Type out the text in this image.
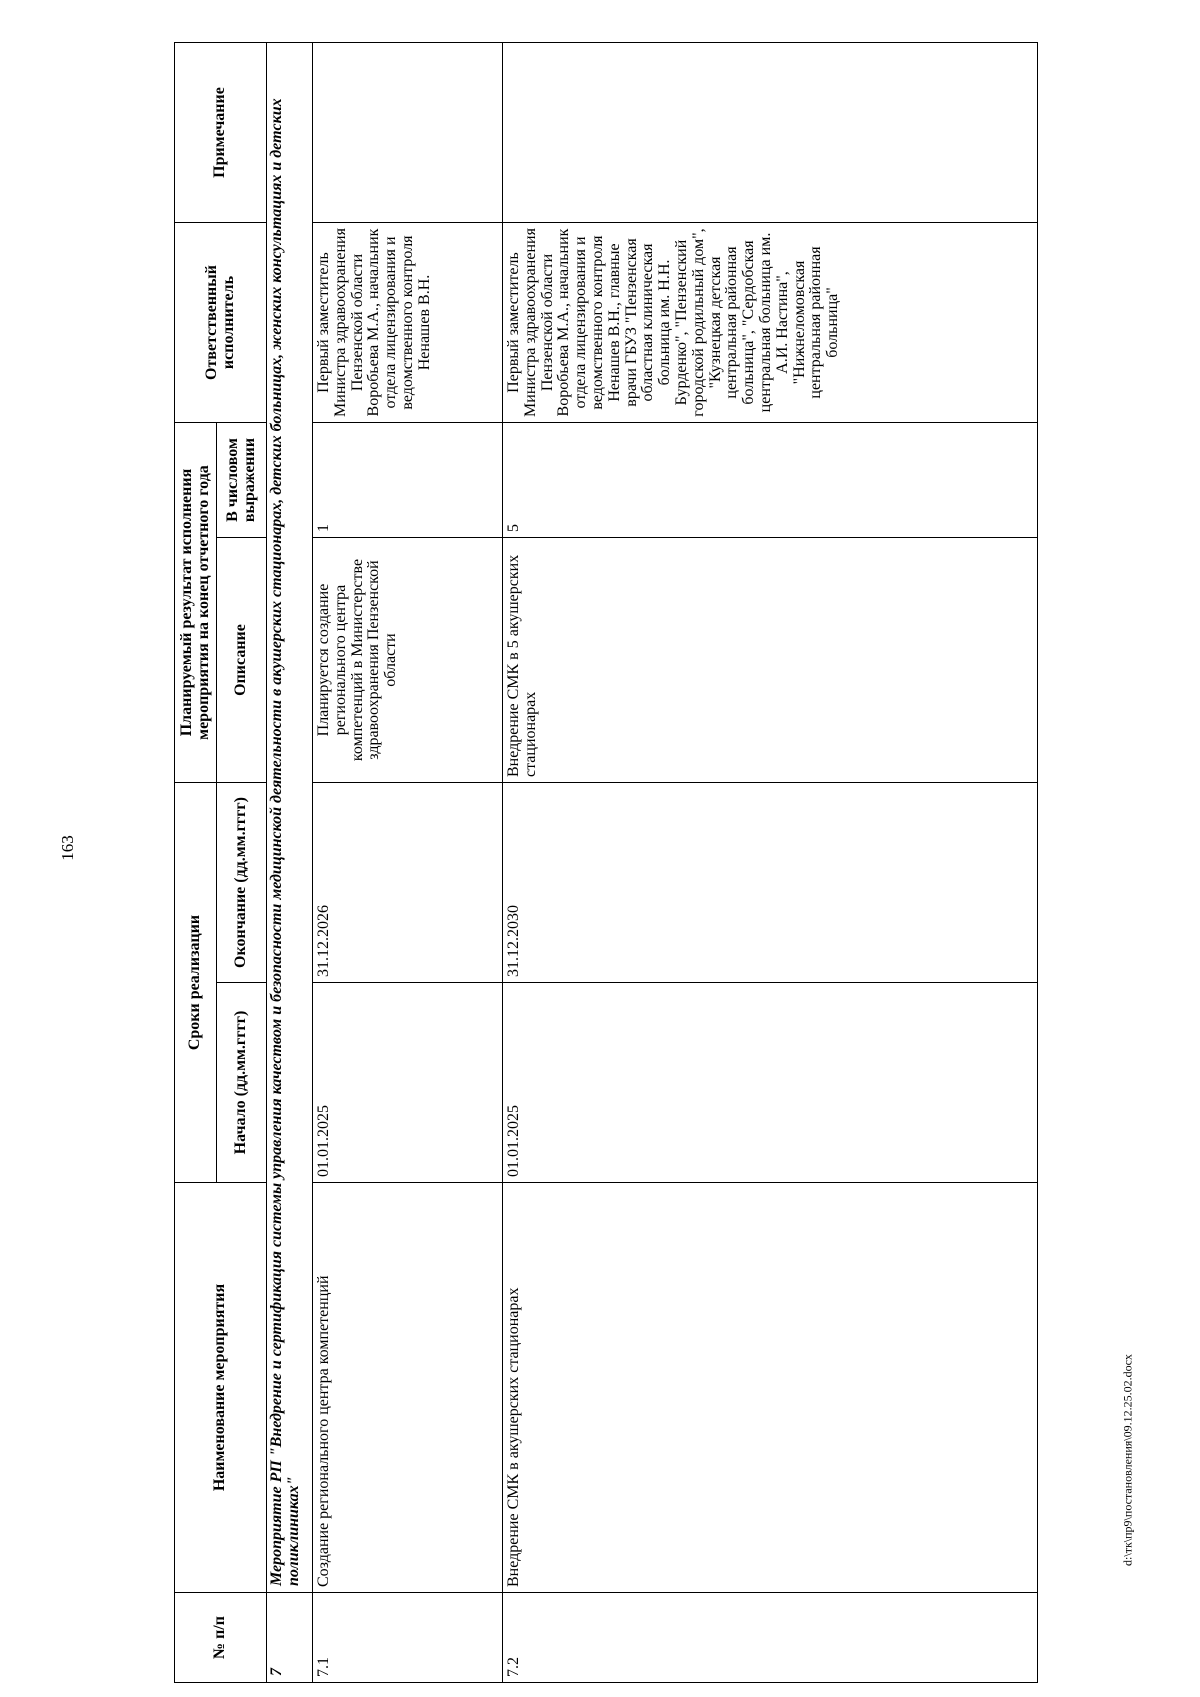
163
d:\тк\пр9\постановления\09.12.25.02.docx
№ п/п	Наименование мероприятия	Сроки реализации		Планируемый результат исполнения мероприятия на конец отчетного года		Ответственный исполнитель	Примечание
		Начало (дд.мм.гггг)	Окончание (дд.мм.гггг)	Описание	В числовом выражении		
7	Мероприятие РП "Внедрение и сертификация системы управления качеством и безопасности медицинской деятельности в акушерских стационарах, детских больницах, женских консультациях и детских поликлиниках"						
7.1	Создание регионального центра компетенций	01.01.2025	31.12.2026	Планируется создание регионального центра компетенций в Министерстве здравоохранения Пензенской области	1	Первый заместитель Министра здравоохранения Пензенской области Воробьева М.А., начальник отдела лицензирования и ведомственного контроля Ненашев В.Н.	
7.2	Внедрение СМК в акушерских стационарах	01.01.2025	31.12.2030	Внедрение СМК в 5 акушерских стационарах	5	Первый заместитель Министра здравоохранения Пензенской области Воробьева М.А., начальник отдела лицензирования и ведомственного контроля Ненашев В.Н., главные врачи ГБУЗ "Пензенская областная клиническая больница им. Н.Н. Бурденко", "Пензенский городской родильный дом", "Кузнецкая детская центральная районная больница", "Сердобская центральная больница им. А.И. Настина", "Нижнеломовская центральная районная больница"	
